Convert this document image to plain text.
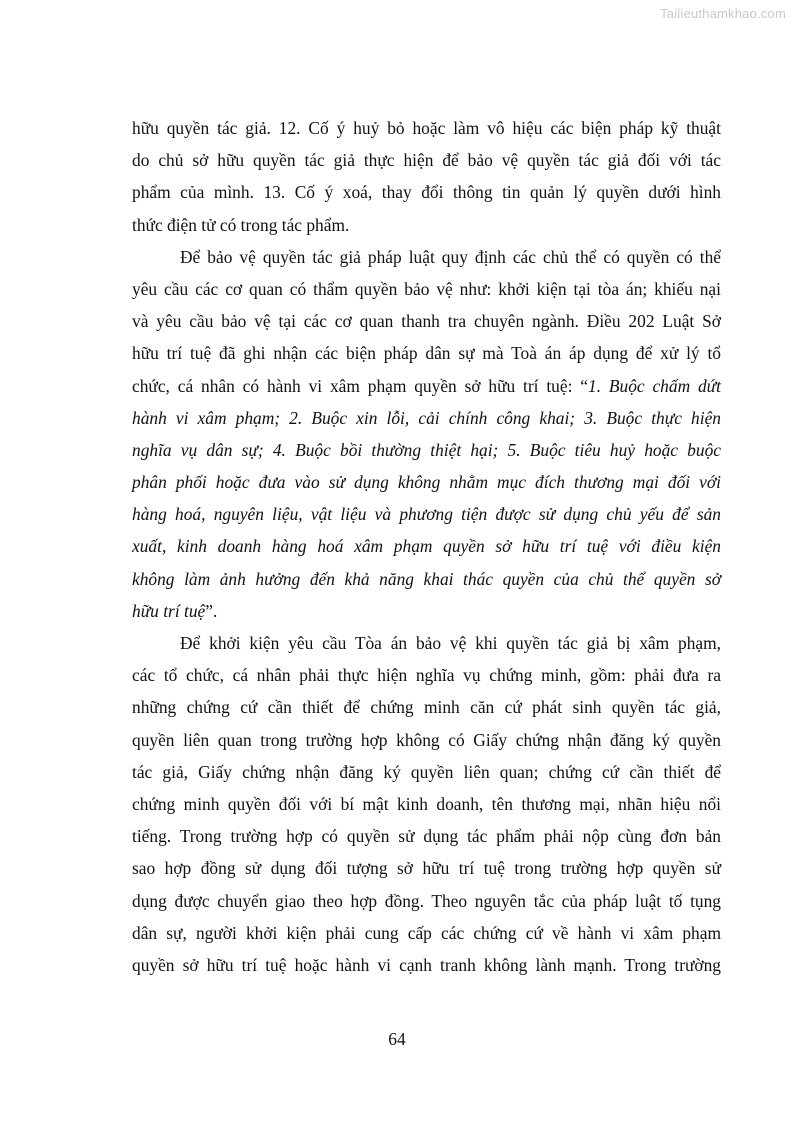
Tailieuthamkhao.com
hữu quyền tác giả. 12. Cố ý huỷ bỏ hoặc làm vô hiệu các biện pháp kỹ thuật
do chủ sở hữu quyền tác giả thực hiện để bảo vệ quyền tác giả đối với tác
phẩm của mình. 13. Cố ý xoá, thay đổi thông tin quản lý quyền dưới hình
thức điện tử có trong tác phẩm.
Để bảo vệ quyền tác giả pháp luật quy định các chủ thể có quyền có thể
yêu cầu các cơ quan có thẩm quyền bảo vệ như: khởi kiện tại tòa án; khiếu nại
và yêu cầu bảo vệ tại các cơ quan thanh tra chuyên ngành. Điều 202 Luật Sở
hữu trí tuệ đã ghi nhận các biện pháp dân sự mà Toà án áp dụng để xử lý tổ
chức, cá nhân có hành vi xâm phạm quyền sở hữu trí tuệ: “1. Buộc chấm dứt
hành vi xâm phạm; 2. Buộc xin lỗi, cải chính công khai; 3. Buộc thực hiện
nghĩa vụ dân sự; 4. Buộc bồi thường thiệt hại; 5. Buộc tiêu huỷ hoặc buộc
phân phối hoặc đưa vào sử dụng không nhằm mục đích thương mại đối với
hàng hoá, nguyên liệu, vật liệu và phương tiện được sử dụng chủ yếu để sản
xuất, kinh doanh hàng hoá xâm phạm quyền sở hữu trí tuệ với điều kiện
không làm ảnh hưởng đến khả năng khai thác quyền của chủ thể quyền sở
hữu trí tuệ”.
Để khởi kiện yêu cầu Tòa án bảo vệ khi quyền tác giả bị xâm phạm,
các tổ chức, cá nhân phải thực hiện nghĩa vụ chứng minh, gồm: phải đưa ra
những chứng cứ cần thiết để chứng minh căn cứ phát sinh quyền tác giả,
quyền liên quan trong trường hợp không có Giấy chứng nhận đăng ký quyền
tác giả, Giấy chứng nhận đăng ký quyền liên quan; chứng cứ cần thiết để
chứng minh quyền đối với bí mật kinh doanh, tên thương mại, nhãn hiệu nổi
tiếng. Trong trường hợp có quyền sử dụng tác phẩm phải nộp cùng đơn bản
sao hợp đồng sử dụng đối tượng sở hữu trí tuệ trong trường hợp quyền sử
dụng được chuyển giao theo hợp đồng. Theo nguyên tắc của pháp luật tố tụng
dân sự, người khởi kiện phải cung cấp các chứng cứ về hành vi xâm phạm
quyền sở hữu trí tuệ hoặc hành vi cạnh tranh không lành mạnh. Trong trường
64
